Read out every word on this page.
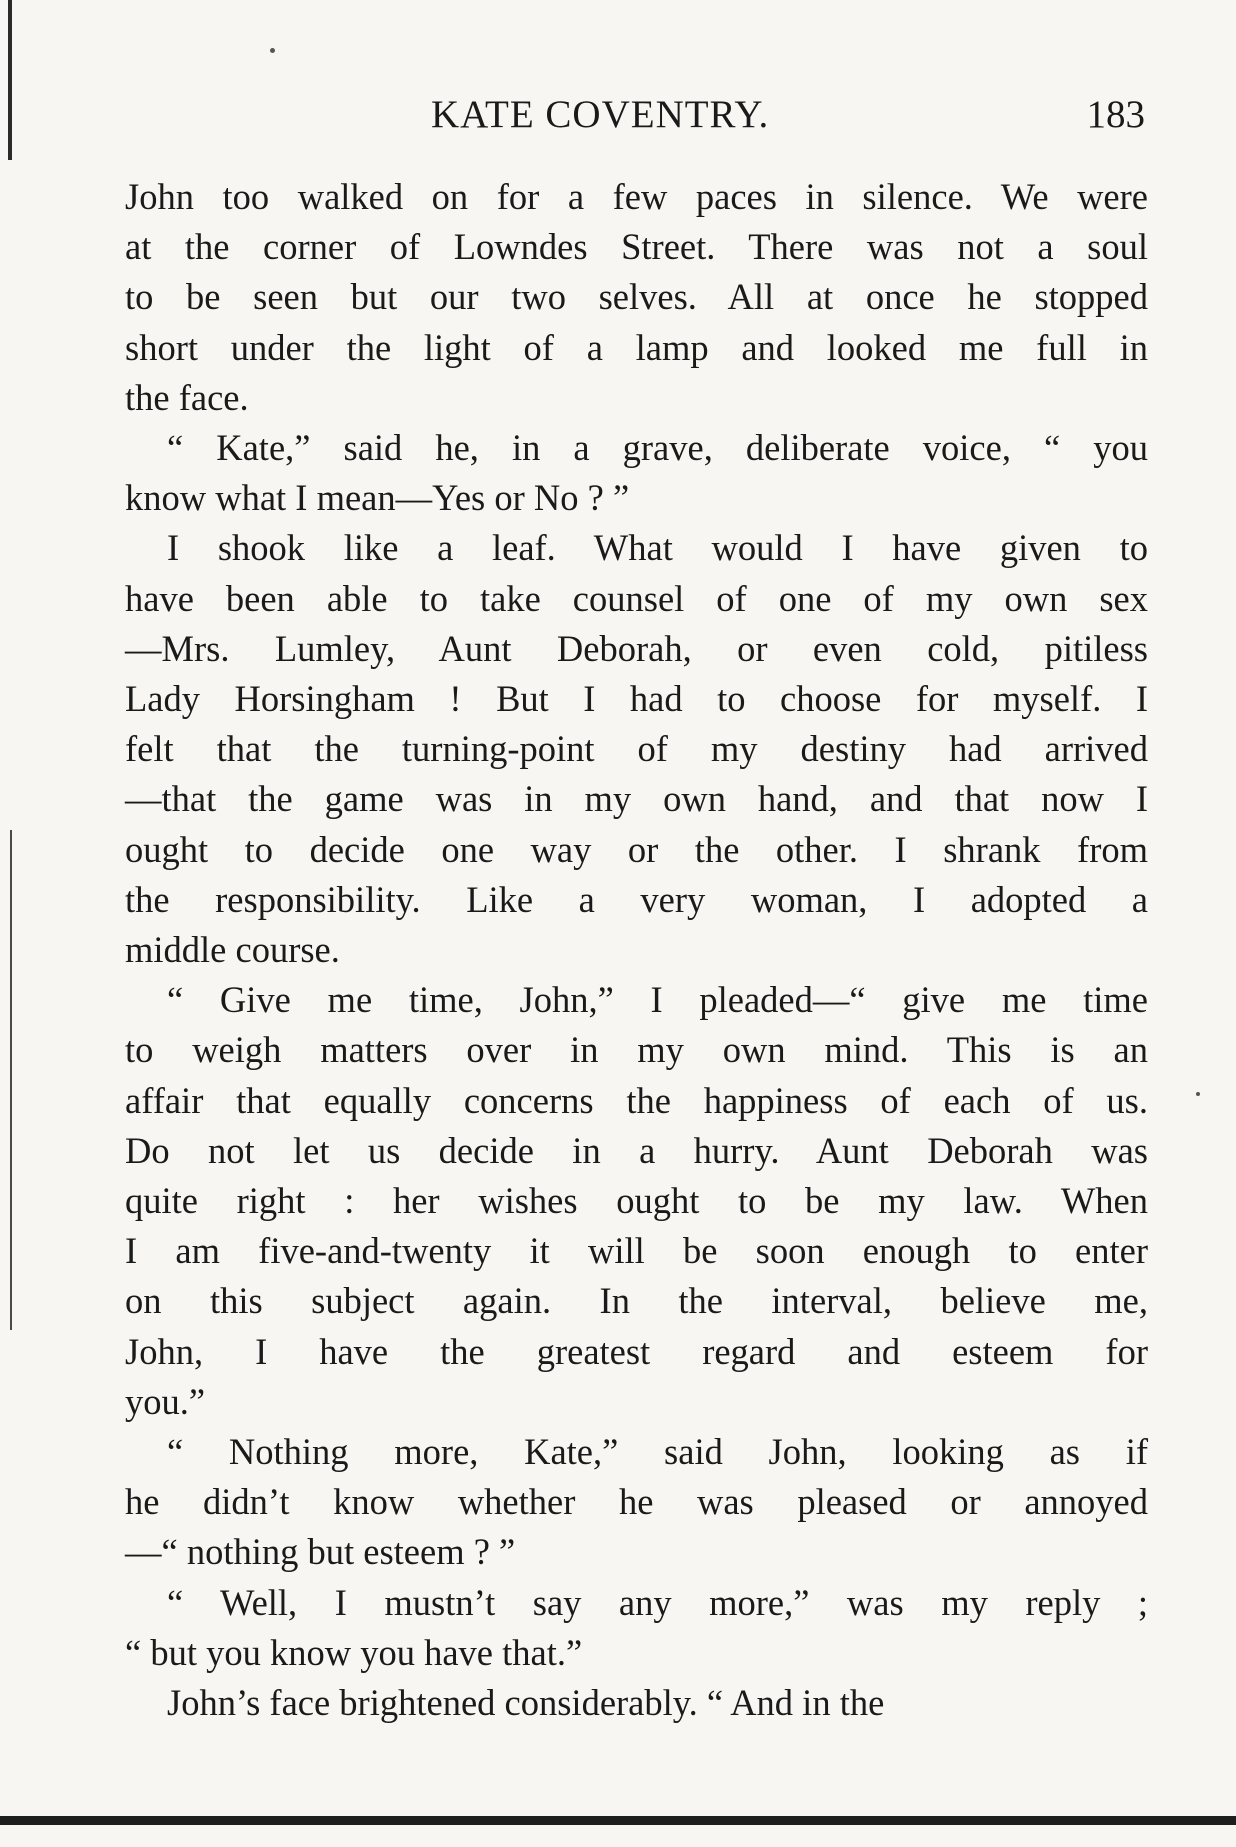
KATE COVENTRY.	183
John too walked on for a few paces in silence. We were
at the corner of Lowndes Street. There was not a soul
to be seen but our two selves. All at once he stopped
short under the light of a lamp and looked me full in
the face.
“ Kate,” said he, in a grave, deliberate voice, “ you
know what I mean—Yes or No ? ”
I shook like a leaf. What would I have given to
have been able to take counsel of one of my own sex
—Mrs. Lumley, Aunt Deborah, or even cold, pitiless
Lady Horsingham ! But I had to choose for myself. I
felt that the turning-point of my destiny had arrived
—that the game was in my own hand, and that now I
ought to decide one way or the other. I shrank from
the responsibility. Like a very woman, I adopted a
middle course.
“ Give me time, John,” I pleaded—“ give me time
to weigh matters over in my own mind. This is an
affair that equally concerns the happiness of each of us.
Do not let us decide in a hurry. Aunt Deborah was
quite right : her wishes ought to be my law. When
I am five-and-twenty it will be soon enough to enter
on this subject again. In the interval, believe me,
John, I have the greatest regard and esteem for
you.”
“ Nothing more, Kate,” said John, looking as if
he didn’t know whether he was pleased or annoyed
—“ nothing but esteem ? ”
“ Well, I mustn’t say any more,” was my reply ;
“ but you know you have that.”
John’s face brightened considerably. “ And in the
